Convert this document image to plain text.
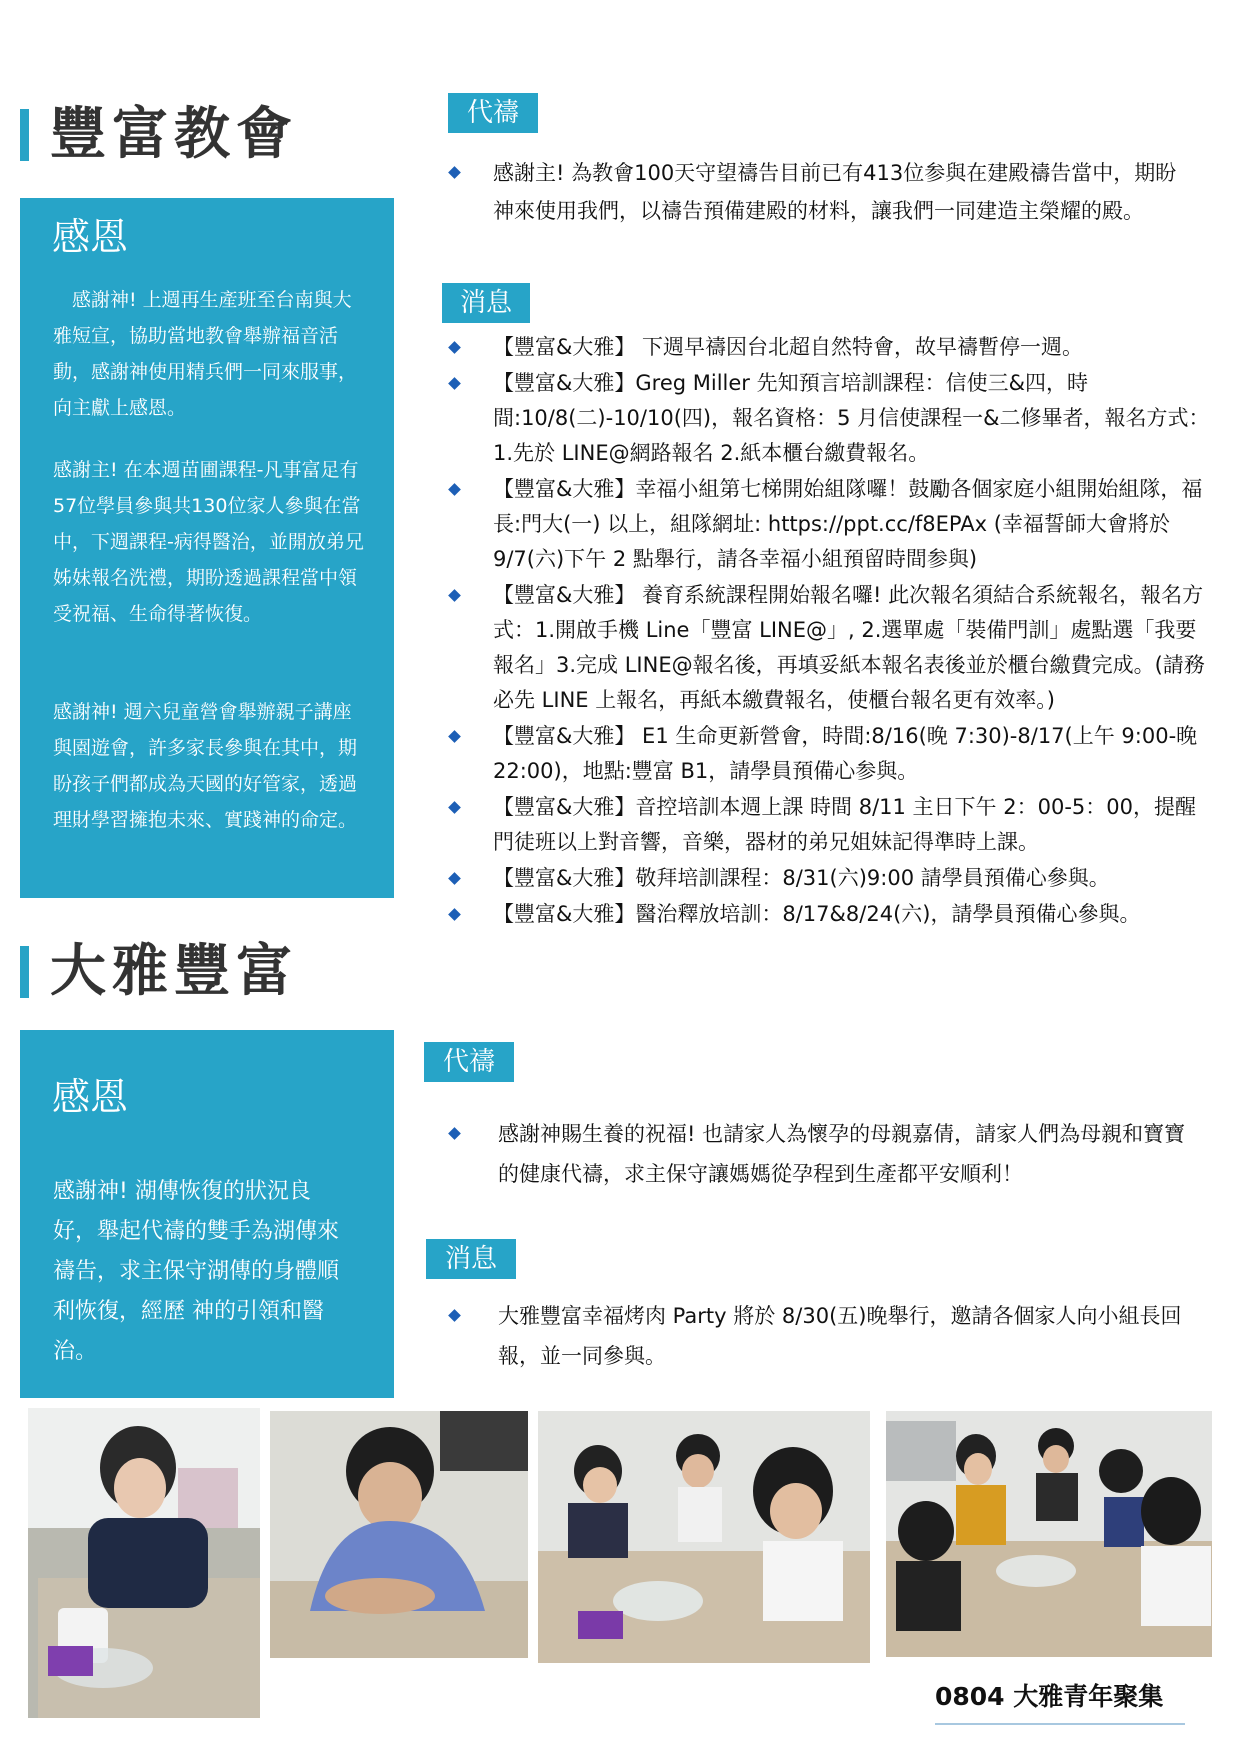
豐富教會
感恩
　感謝神! 上週再生產班至台南與大雅短宣，協助當地教會舉辦福音活動，感謝神使用精兵們一同來服事，向主獻上感恩。
感謝主! 在本週苗圃課程-凡事富足有57位學員參與共130位家人參與在當中，下週課程-病得醫治，並開放弟兄姊妹報名洗禮，期盼透過課程當中領受祝福、生命得著恢復。
感謝神! 週六兒童營會舉辦親子講座與園遊會，許多家長參與在其中，期盼孩子們都成為天國的好管家，透過理財學習擁抱未來、實踐神的命定。
代禱
感謝主! 為教會100天守望禱告目前已有413位参與在建殿禱告當中，期盼神來使用我們，以禱告預備建殿的材料，讓我們一同建造主榮耀的殿。
消息
【豐富&大雅】 下週早禱因台北超自然特會，故早禱暫停一週。
【豐富&大雅】Greg Miller 先知預言培訓課程：信使三&四，時間:10/8(二)-10/10(四)，報名資格：5 月信使課程一&二修畢者，報名方式：1.先於 LINE@網路報名 2.紙本櫃台繳費報名。
【豐富&大雅】幸福小組第七梯開始組隊囉！鼓勵各個家庭小組開始組隊，福長:門大(一) 以上，組隊網址: https://ppt.cc/f8EPAx (幸福誓師大會將於 9/7(六)下午 2 點舉行，請各幸福小組預留時間参與)
【豐富&大雅】 養育系統課程開始報名囉! 此次報名須結合系統報名，報名方式：1.開啟手機 Line「豐富 LINE@」, 2.選單處「裝備門訓」處點選「我要報名」3.完成 LINE@報名後，再填妥紙本報名表後並於櫃台繳費完成。(請務必先 LINE 上報名，再紙本繳費報名，使櫃台報名更有效率。)
【豐富&大雅】 E1 生命更新營會，時間:8/16(晚 7:30)-8/17(上午 9:00-晚 22:00)，地點:豐富 B1，請學員預備心参與。
【豐富&大雅】音控培訓本週上課 時間 8/11 主日下午 2：00-5：00，提醒門徒班以上對音響，音樂，器材的弟兄姐妹記得準時上課。
【豐富&大雅】敬拜培訓課程：8/31(六)9:00 請學員預備心參與。
【豐富&大雅】醫治釋放培訓：8/17&8/24(六)，請學員預備心參與。
大雅豐富
感恩
感謝神! 湖傳恢復的狀況良好，舉起代禱的雙手為湖傳來禱告，求主保守湖傳的身體順利恢復，經歷 神的引領和醫治。
代禱
感謝神賜生養的祝福! 也請家人為懷孕的母親嘉倩，請家人們為母親和寶寶的健康代禱，求主保守讓媽媽從孕程到生產都平安順利！
消息
大雅豐富幸福烤肉 Party 將於 8/30(五)晚舉行，邀請各個家人向小組長回報，並一同參與。
0804 大雅青年聚集
